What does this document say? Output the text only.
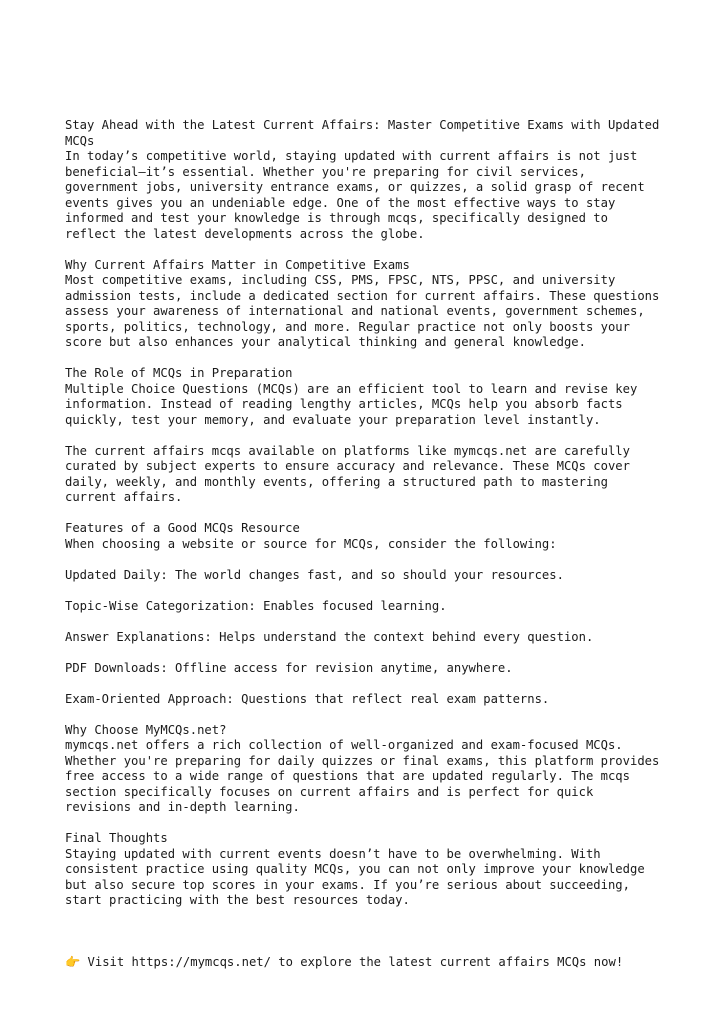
Stay Ahead with the Latest Current Affairs: Master Competitive Exams with Updated
MCQs
In today’s competitive world, staying updated with current affairs is not just
beneficial—it’s essential. Whether you're preparing for civil services,
government jobs, university entrance exams, or quizzes, a solid grasp of recent
events gives you an undeniable edge. One of the most effective ways to stay
informed and test your knowledge is through mcqs, specifically designed to
reflect the latest developments across the globe.
Why Current Affairs Matter in Competitive Exams
Most competitive exams, including CSS, PMS, FPSC, NTS, PPSC, and university
admission tests, include a dedicated section for current affairs. These questions
assess your awareness of international and national events, government schemes,
sports, politics, technology, and more. Regular practice not only boosts your
score but also enhances your analytical thinking and general knowledge.
The Role of MCQs in Preparation
Multiple Choice Questions (MCQs) are an efficient tool to learn and revise key
information. Instead of reading lengthy articles, MCQs help you absorb facts
quickly, test your memory, and evaluate your preparation level instantly.
The current affairs mcqs available on platforms like mymcqs.net are carefully
curated by subject experts to ensure accuracy and relevance. These MCQs cover
daily, weekly, and monthly events, offering a structured path to mastering
current affairs.
Features of a Good MCQs Resource
When choosing a website or source for MCQs, consider the following:
Updated Daily: The world changes fast, and so should your resources.
Topic-Wise Categorization: Enables focused learning.
Answer Explanations: Helps understand the context behind every question.
PDF Downloads: Offline access for revision anytime, anywhere.
Exam-Oriented Approach: Questions that reflect real exam patterns.
Why Choose MyMCQs.net?
mymcqs.net offers a rich collection of well-organized and exam-focused MCQs.
Whether you're preparing for daily quizzes or final exams, this platform provides
free access to a wide range of questions that are updated regularly. The mcqs
section specifically focuses on current affairs and is perfect for quick
revisions and in-depth learning.
Final Thoughts
Staying updated with current events doesn’t have to be overwhelming. With
consistent practice using quality MCQs, you can not only improve your knowledge
but also secure top scores in your exams. If you’re serious about succeeding,
start practicing with the best resources today.

👉 Visit https://mymcqs.net/ to explore the latest current affairs MCQs now!
